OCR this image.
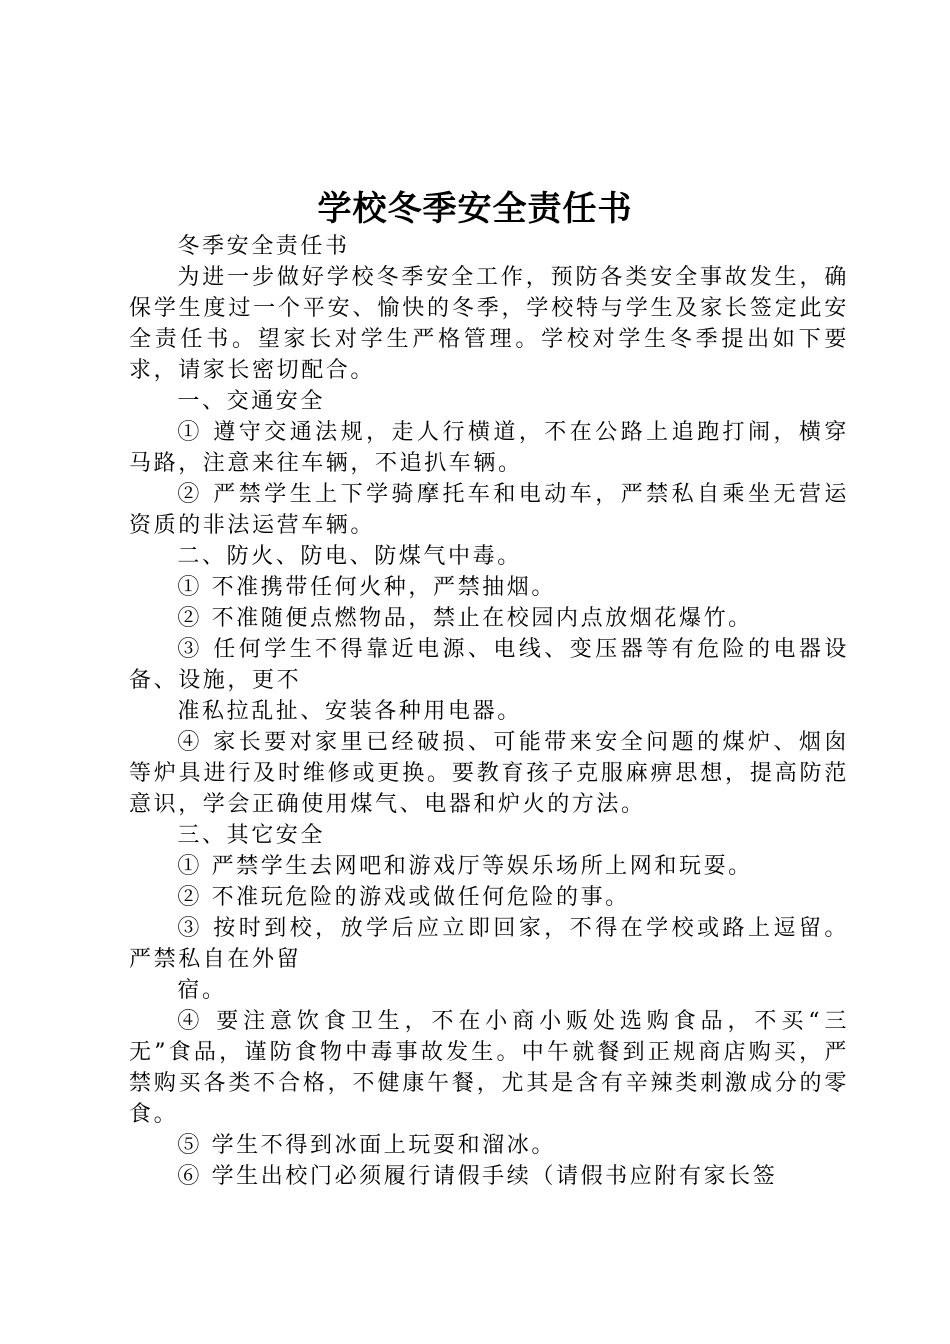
学校冬季安全责任书

冬季安全责任书

为进一步做好学校冬季安全工作，预防各类安全事故发生，确保学生度过一个平安、愉快的冬季，学校特与学生及家长签定此安全责任书。望家长对学生严格管理。学校对学生冬季提出如下要求，请家长密切配合。

一、交通安全

① 遵守交通法规，走人行横道，不在公路上追跑打闹，横穿马路，注意来往车辆，不追扒车辆。

② 严禁学生上下学骑摩托车和电动车，严禁私自乘坐无营运资质的非法运营车辆。

二、防火、防电、防煤气中毒。

① 不准携带任何火种，严禁抽烟。

② 不准随便点燃物品，禁止在校园内点放烟花爆竹。

③ 任何学生不得靠近电源、电线、变压器等有危险的电器设备、设施，更不

准私拉乱扯、安装各种用电器。

④ 家长要对家里已经破损、可能带来安全问题的煤炉、烟囱等炉具进行及时维修或更换。要教育孩子克服麻痹思想，提高防范意识，学会正确使用煤气、电器和炉火的方法。

三、其它安全

① 严禁学生去网吧和游戏厅等娱乐场所上网和玩耍。

② 不准玩危险的游戏或做任何危险的事。

③ 按时到校，放学后应立即回家，不得在学校或路上逗留。严禁私自在外留

宿。

④ 要注意饮食卫生，不在小商小贩处选购食品，不买“三无”食品，谨防食物中毒事故发生。中午就餐到正规商店购买，严禁购买各类不合格，不健康午餐，尤其是含有辛辣类刺激成分的零食。

⑤ 学生不得到冰面上玩耍和溜冰。

⑥ 学生出校门必须履行请假手续（请假书应附有家长签
